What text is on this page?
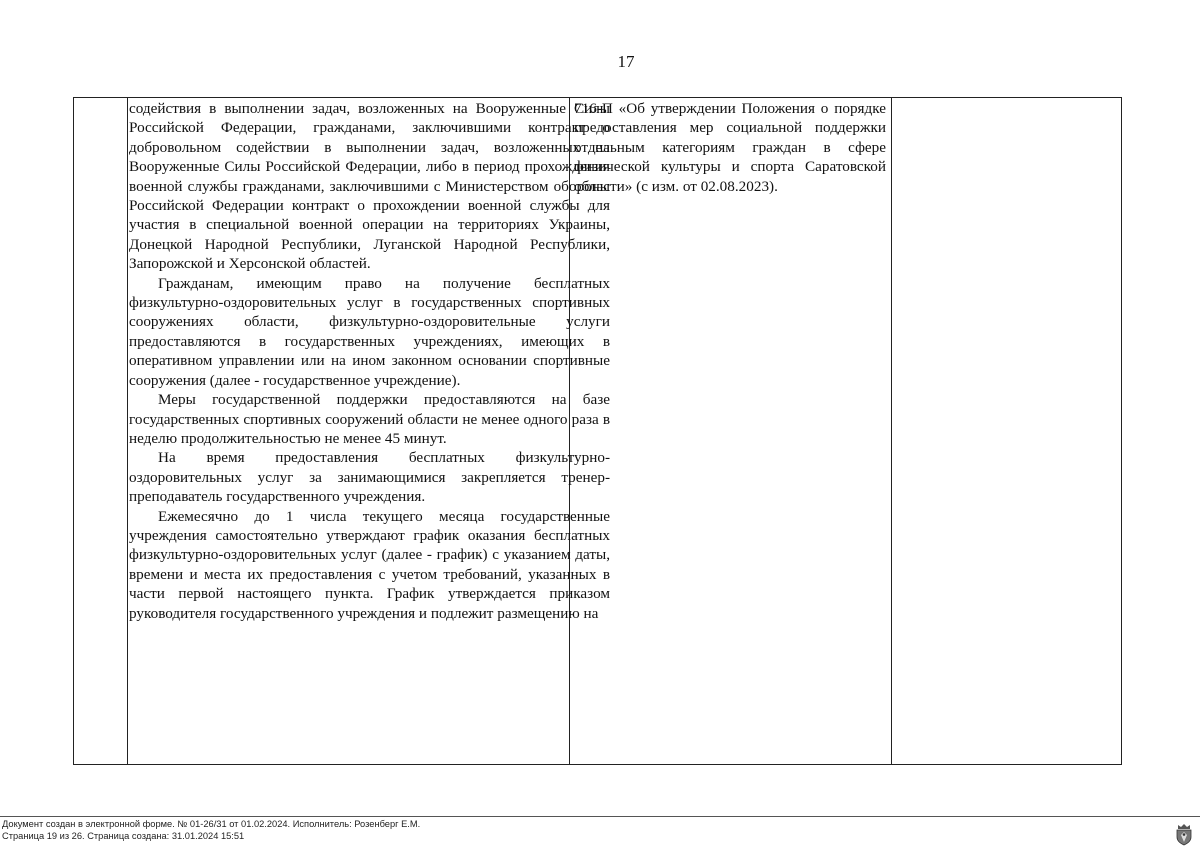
17

содействия в выполнении задач, возложенных на Вооруженные Силы Российской Федерации, гражданами, заключившими контракт о добровольном содействии в выполнении задач, возложенных на Вооруженные Силы Российской Федерации, либо в период прохождения военной службы гражданами, заключившими с Министерством обороны Российской Федерации контракт о прохождении военной службы для участия в специальной военной операции на территориях Украины, Донецкой Народной Республики, Луганской Народной Республики, Запорожской и Херсонской областей.

Гражданам, имеющим право на получение бесплатных физкультурно-оздоровительных услуг в государственных спортивных сооружениях области, физкультурно-оздоровительные услуги предоставляются в государственных учреждениях, имеющих в оперативном управлении или на ином законном основании спортивные сооружения (далее - государственное учреждение).

Меры государственной поддержки предоставляются на базе государственных спортивных сооружений области не менее одного раза в неделю продолжительностью не менее 45 минут.

На время предоставления бесплатных физкультурно-оздоровительных услуг за занимающимися закрепляется тренер-преподаватель государственного учреждения.

Ежемесячно до 1 числа текущего месяца государственные учреждения самостоятельно утверждают график оказания бесплатных физкультурно-оздоровительных услуг (далее - график) с указанием даты, времени и места их предоставления с учетом требований, указанных в части первой настоящего пункта. График утверждается приказом руководителя государственного учреждения и подлежит размещению на

716-П «Об утверждении Положения о порядке предоставления мер социальной поддержки отдельным категориям граждан в сфере физической культуры и спорта Саратовской области» (с изм. от 02.08.2023).

Документ создан в электронной форме. № 01-26/31 от 01.02.2024. Исполнитель: Розенберг Е.М.
Страница 19 из 26. Страница создана: 31.01.2024 15:51
